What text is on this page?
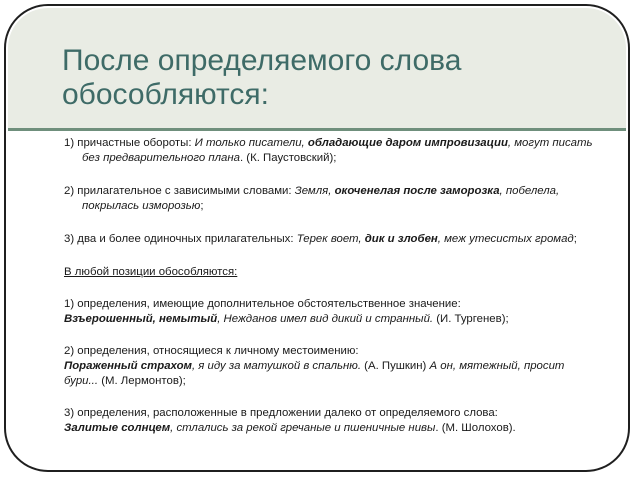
После определяемого слова
обособляются:

1) причастные обороты: И только писатели, обладающие даром импровизации, могут писать без предварительного плана. (К. Паустовский);

2) прилагательное с зависимыми словами: Земля, окоченелая после заморозка, побелела, покрылась изморозью;

3) два и более одиночных прилагательных: Терек воет, дик и злобен, меж утесистых громад;

В любой позиции обособляются:

1) определения, имеющие дополнительное обстоятельственное значение:
Взъерошенный, немытый, Нежданов имел вид дикий и странный. (И. Тургенев);

2) определения, относящиеся к личному местоимению:
Пораженный страхом, я иду за матушкой в спальню. (А. Пушкин) А он, мятежный, просит бури... (М. Лермонтов);

3) определения, расположенные в предложении далеко от определяемого слова:
Залитые солнцем, стлались за рекой гречаные и пшеничные нивы. (М. Шолохов).
